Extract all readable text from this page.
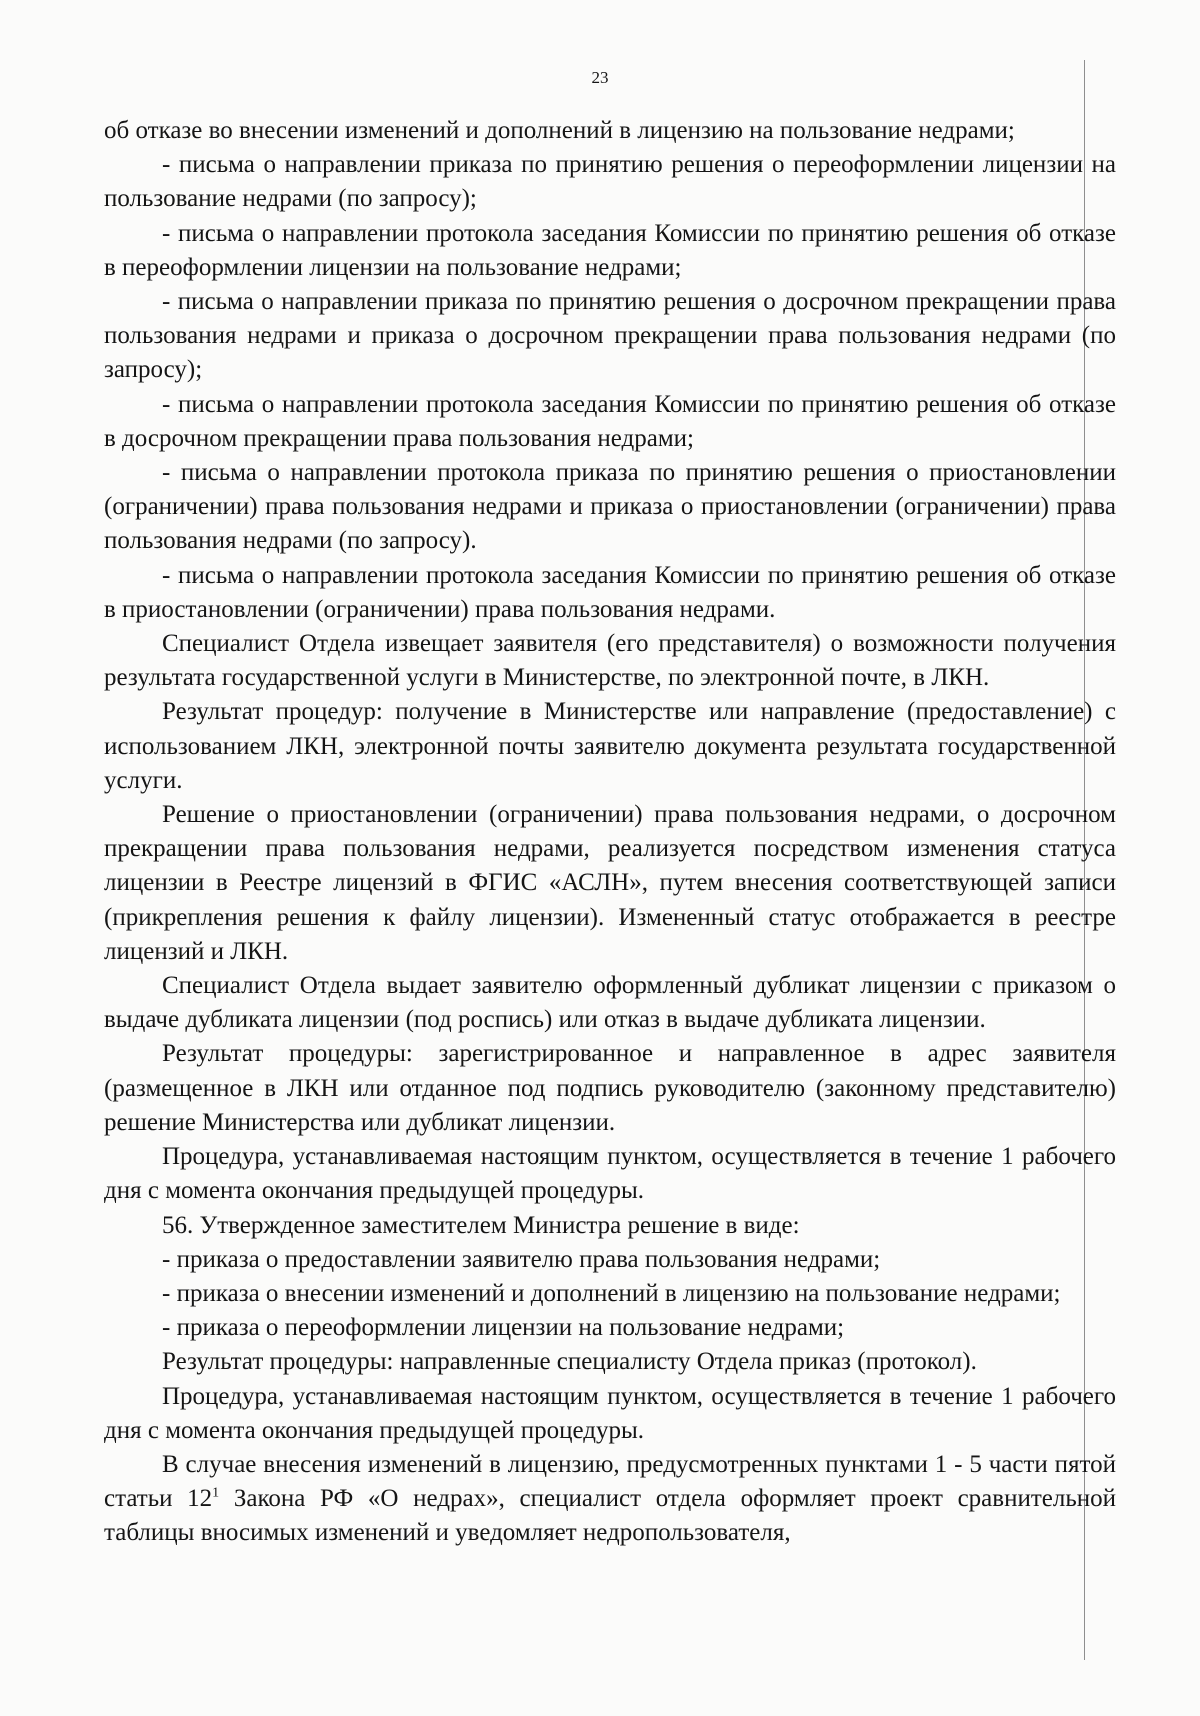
23

об отказе во внесении изменений и дополнений в лицензию на пользование недрами;

- письма о направлении приказа по принятию решения о переоформлении лицензии на пользование недрами (по запросу);

- письма о направлении протокола заседания Комиссии по принятию решения об отказе в переоформлении лицензии на пользование недрами;

- письма о направлении приказа по принятию решения о досрочном прекращении права пользования недрами и приказа о досрочном прекращении права пользования недрами (по запросу);

- письма о направлении протокола заседания Комиссии по принятию решения об отказе в досрочном прекращении права пользования недрами;

- письма о направлении протокола приказа по принятию решения о приостановлении (ограничении) права пользования недрами и приказа о приостановлении (ограничении) права пользования недрами (по запросу).

- письма о направлении протокола заседания Комиссии по принятию решения об отказе в приостановлении (ограничении) права пользования недрами.

Специалист Отдела извещает заявителя (его представителя) о возможности получения результата государственной услуги в Министерстве, по электронной почте, в ЛКН.

Результат процедур: получение в Министерстве или направление (предоставление) с использованием ЛКН, электронной почты заявителю документа результата государственной услуги.

Решение о приостановлении (ограничении) права пользования недрами, о досрочном прекращении права пользования недрами, реализуется посредством изменения статуса лицензии в Реестре лицензий в ФГИС «АСЛН», путем внесения соответствующей записи (прикрепления решения к файлу лицензии). Измененный статус отображается в реестре лицензий и ЛКН.

Специалист Отдела выдает заявителю оформленный дубликат лицензии с приказом о выдаче дубликата лицензии (под роспись) или отказ в выдаче дубликата лицензии.

Результат процедуры: зарегистрированное и направленное в адрес заявителя (размещенное в ЛКН или отданное под подпись руководителю (законному представителю) решение Министерства или дубликат лицензии.

Процедура, устанавливаемая настоящим пунктом, осуществляется в течение 1 рабочего дня с момента окончания предыдущей процедуры.

56. Утвержденное заместителем Министра решение в виде:

- приказа о предоставлении заявителю права пользования недрами;

- приказа о внесении изменений и дополнений в лицензию на пользование недрами;

- приказа о переоформлении лицензии на пользование недрами;

Результат процедуры: направленные специалисту Отдела приказ (протокол).

Процедура, устанавливаемая настоящим пунктом, осуществляется в течение 1 рабочего дня с момента окончания предыдущей процедуры.

В случае внесения изменений в лицензию, предусмотренных пунктами 1 - 5 части пятой статьи $12^1$ Закона РФ «О недрах», специалист отдела оформляет проект сравнительной таблицы вносимых изменений и уведомляет недропользователя,
